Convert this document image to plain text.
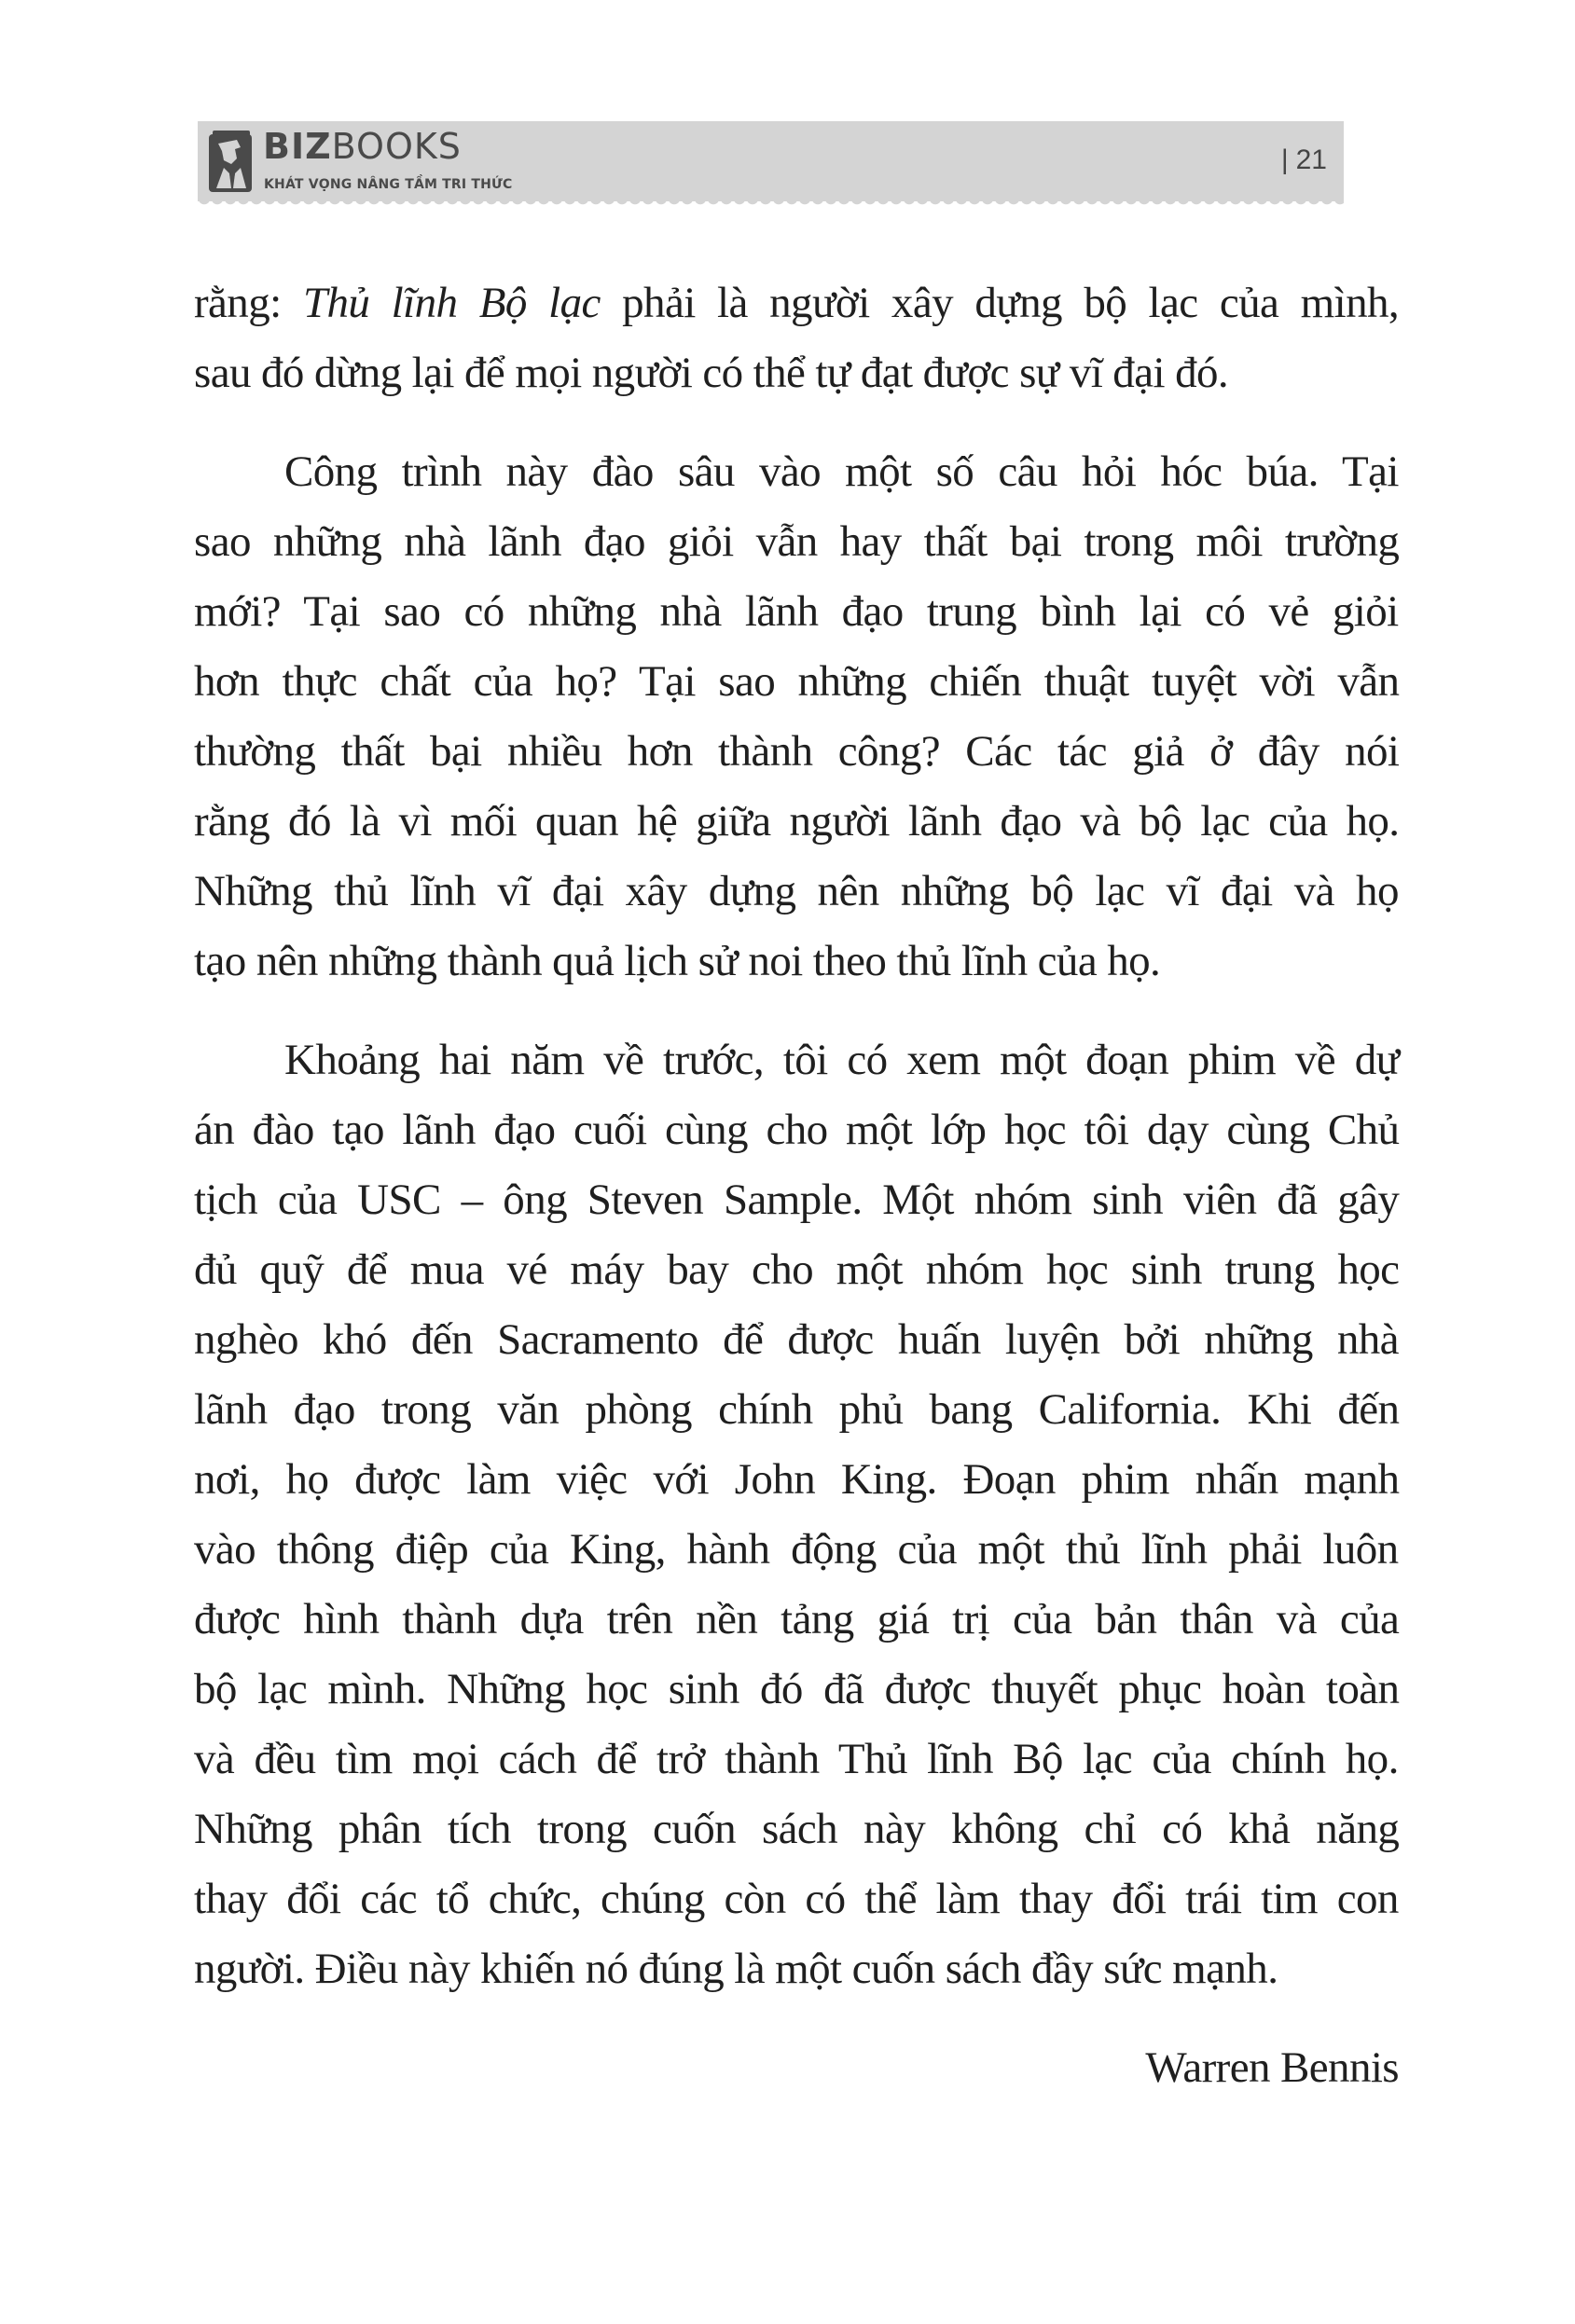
BIZBOOKS
KHÁT VỌNG NÂNG TẦM TRI THỨC
| 21
rằng: Thủ lĩnh Bộ lạc phải là người xây dựng bộ lạc của mình,
sau đó dừng lại để mọi người có thể tự đạt được sự vĩ đại đó.
Công trình này đào sâu vào một số câu hỏi hóc búa. Tại
sao những nhà lãnh đạo giỏi vẫn hay thất bại trong môi trường
mới? Tại sao có những nhà lãnh đạo trung bình lại có vẻ giỏi
hơn thực chất của họ? Tại sao những chiến thuật tuyệt vời vẫn
thường thất bại nhiều hơn thành công? Các tác giả ở đây nói
rằng đó là vì mối quan hệ giữa người lãnh đạo và bộ lạc của họ.
Những thủ lĩnh vĩ đại xây dựng nên những bộ lạc vĩ đại và họ
tạo nên những thành quả lịch sử noi theo thủ lĩnh của họ.
Khoảng hai năm về trước, tôi có xem một đoạn phim về dự
án đào tạo lãnh đạo cuối cùng cho một lớp học tôi dạy cùng Chủ
tịch của USC – ông Steven Sample. Một nhóm sinh viên đã gây
đủ quỹ để mua vé máy bay cho một nhóm học sinh trung học
nghèo khó đến Sacramento để được huấn luyện bởi những nhà
lãnh đạo trong văn phòng chính phủ bang California. Khi đến
nơi, họ được làm việc với John King. Đoạn phim nhấn mạnh
vào thông điệp của King, hành động của một thủ lĩnh phải luôn
được hình thành dựa trên nền tảng giá trị của bản thân và của
bộ lạc mình. Những học sinh đó đã được thuyết phục hoàn toàn
và đều tìm mọi cách để trở thành Thủ lĩnh Bộ lạc của chính họ.
Những phân tích trong cuốn sách này không chỉ có khả năng
thay đổi các tổ chức, chúng còn có thể làm thay đổi trái tim con
người. Điều này khiến nó đúng là một cuốn sách đầy sức mạnh.
Warren Bennis
